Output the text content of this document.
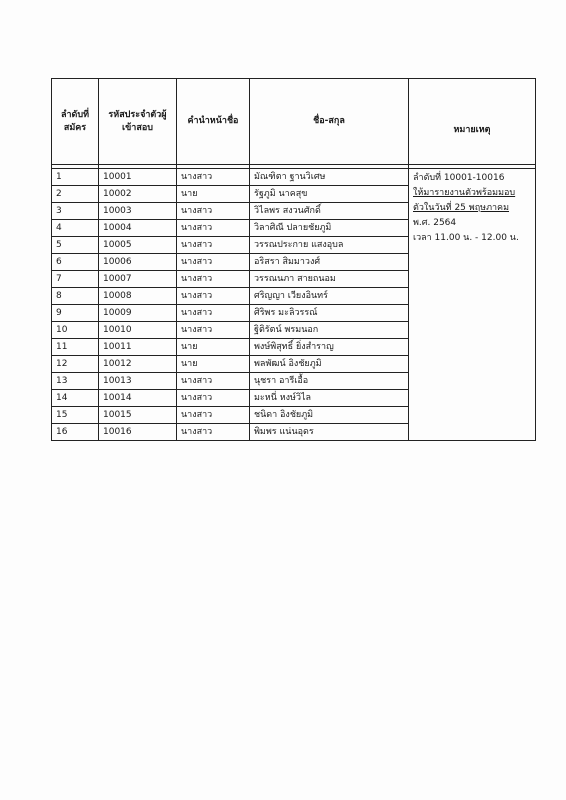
ลำดับที่ สมัคร	รหัสประจำตัวผู้ เข้าสอบ	คำนำหน้าชื่อ	ชื่อ-สกุล	หมายเหตุ

1	10001	นางสาว	มัณฑิตา ฐานวิเศษ	ลำดับที่ 10001-10016
ให้มารายงานตัวพร้อมมอบ
ตัวในวันที่ 25 พฤษภาคม
พ.ศ. 2564
เวลา 11.00 น. - 12.00 น.

2	10002	นาย	รัฐภูมิ นาคสุข	
3	10003	นางสาว	วิไลพร สงวนศักดิ์	
4	10004	นางสาว	วิลาศิณี ปลายชัยภูมิ	
5	10005	นางสาว	วรรณประกาย แสงอุบล	
6	10006	นางสาว	อริสรา สิมมาวงศ์	
7	10007	นางสาว	วรรณนภา สายถนอม	
8	10008	นางสาว	ศริญญา เวียงอินทร์	
9	10009	นางสาว	ศิริพร มะลิวรรณ์	
10	10010	นางสาว	ฐิติรัตน์ พรมนอก	
11	10011	นาย	พงษ์พิสุทธิ์ ยิ่งสำราญ	
12	10012	นาย	พลพัฒน์ อิงชัยภูมิ	
13	10013	นางสาว	นุชรา อารีเอื้อ	
14	10014	นางสาว	มะหนี่ หงษ์วิไล	
15	10015	นางสาว	ชนิดา อิงชัยภูมิ	
16	10016	นางสาว	พิมพร แน่นอุดร	
